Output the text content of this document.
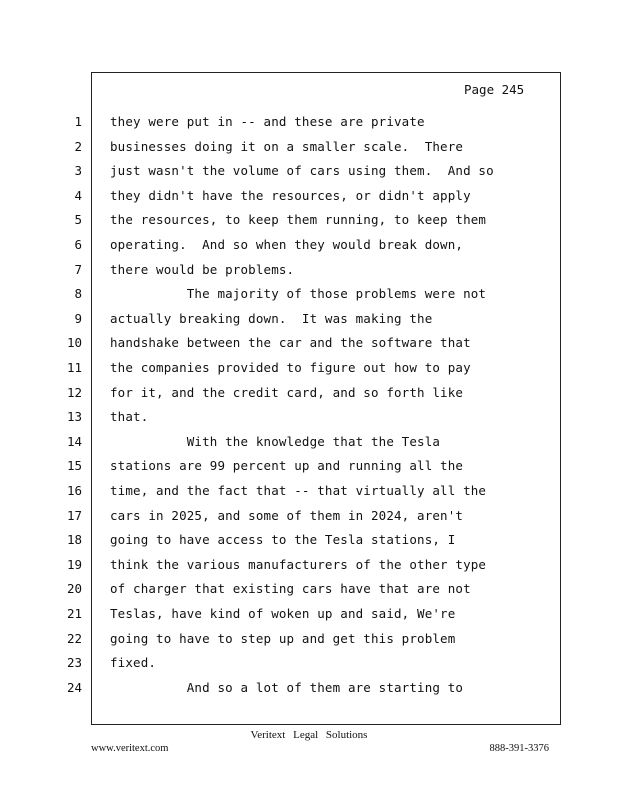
Page 245
1 they were put in -- and these are private
2 businesses doing it on a smaller scale.  There
3 just wasn't the volume of cars using them.  And so
4 they didn't have the resources, or didn't apply
5 the resources, to keep them running, to keep them
6 operating.  And so when they would break down,
7 there would be problems.
8 The majority of those problems were not
9 actually breaking down.  It was making the
10 handshake between the car and the software that
11 the companies provided to figure out how to pay
12 for it, and the credit card, and so forth like
13 that.
14 With the knowledge that the Tesla
15 stations are 99 percent up and running all the
16 time, and the fact that -- that virtually all the
17 cars in 2025, and some of them in 2024, aren't
18 going to have access to the Tesla stations, I
19 think the various manufacturers of the other type
20 of charger that existing cars have that are not
21 Teslas, have kind of woken up and said, We're
22 going to have to step up and get this problem
23 fixed.
24 And so a lot of them are starting to
Veritext Legal Solutions
www.veritext.com	888-391-3376
